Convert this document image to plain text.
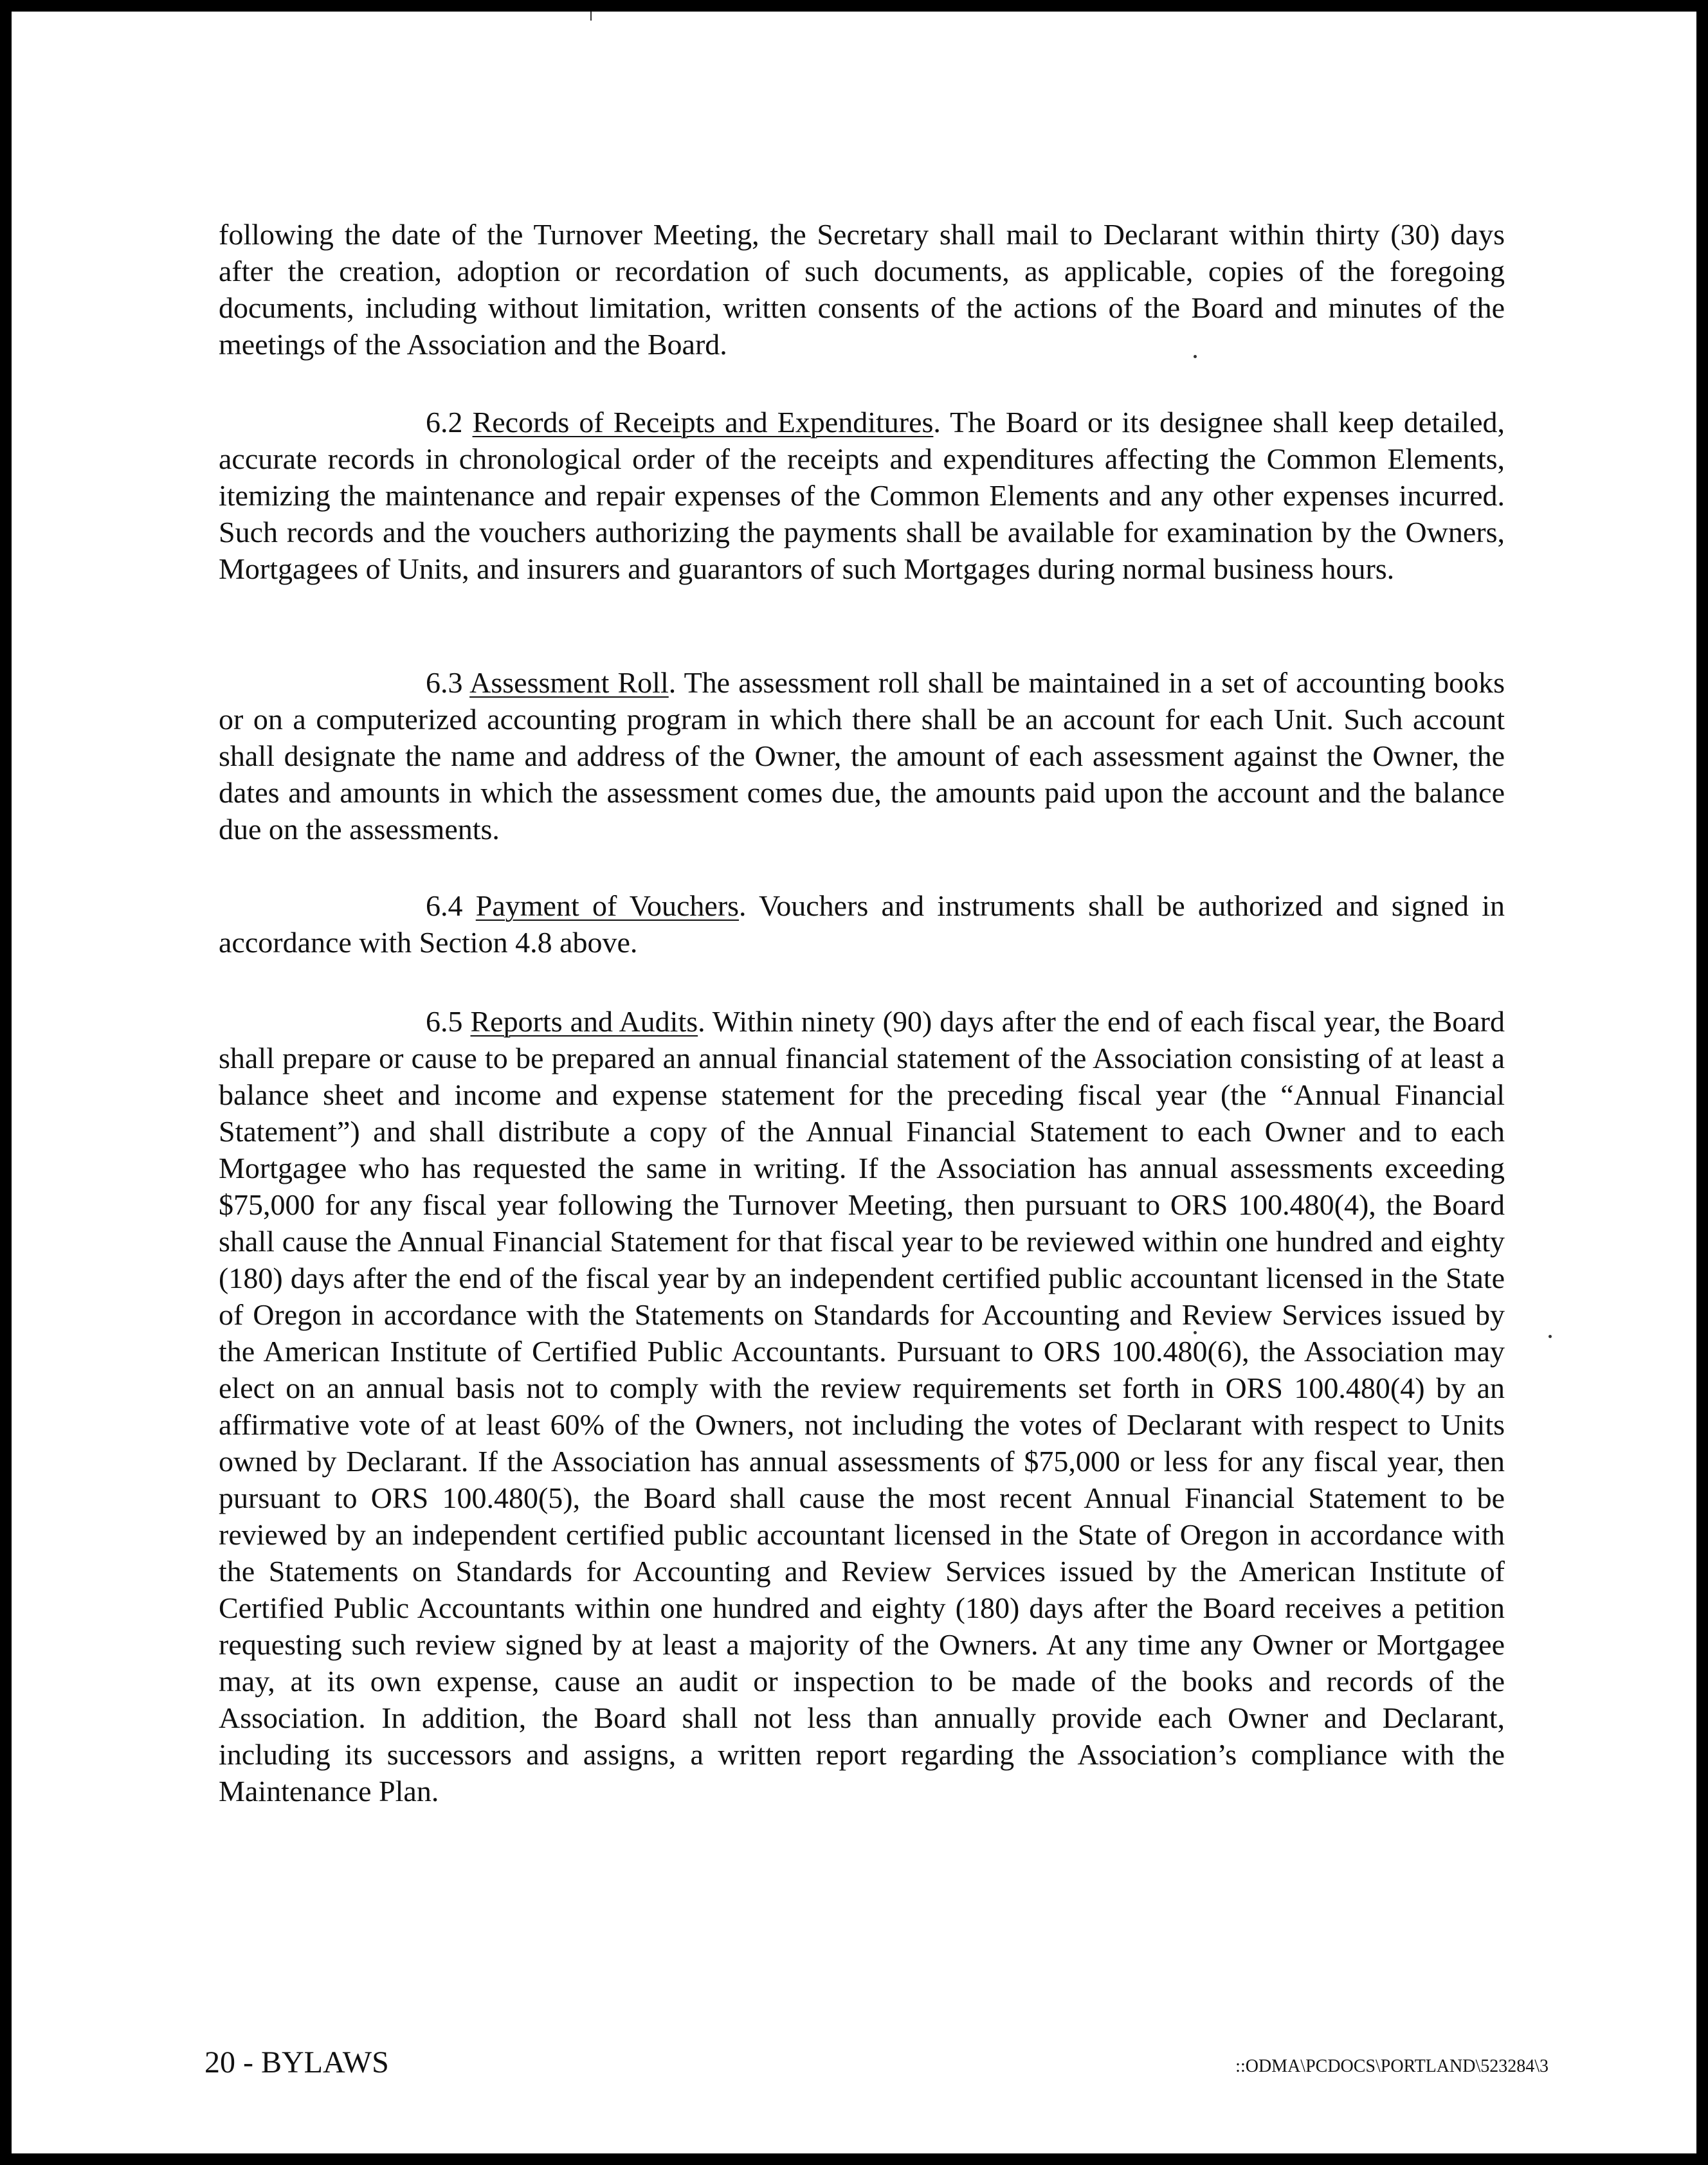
following the date of the Turnover Meeting, the Secretary shall mail to Declarant within thirty (30) days after the creation, adoption or recordation of such documents, as applicable, copies of the foregoing documents, including without limitation, written consents of the actions of the Board and minutes of the meetings of the Association and the Board.

6.2 Records of Receipts and Expenditures. The Board or its designee shall keep detailed, accurate records in chronological order of the receipts and expenditures affecting the Common Elements, itemizing the maintenance and repair expenses of the Common Elements and any other expenses incurred. Such records and the vouchers authorizing the payments shall be available for examination by the Owners, Mortgagees of Units, and insurers and guarantors of such Mortgages during normal business hours.

6.3 Assessment Roll. The assessment roll shall be maintained in a set of accounting books or on a computerized accounting program in which there shall be an account for each Unit. Such account shall designate the name and address of the Owner, the amount of each assessment against the Owner, the dates and amounts in which the assessment comes due, the amounts paid upon the account and the balance due on the assessments.

6.4 Payment of Vouchers. Vouchers and instruments shall be authorized and signed in accordance with Section 4.8 above.

6.5 Reports and Audits. Within ninety (90) days after the end of each fiscal year, the Board shall prepare or cause to be prepared an annual financial statement of the Association consisting of at least a balance sheet and income and expense statement for the preceding fiscal year (the “Annual Financial Statement”) and shall distribute a copy of the Annual Financial Statement to each Owner and to each Mortgagee who has requested the same in writing. If the Association has annual assessments exceeding $75,000 for any fiscal year following the Turnover Meeting, then pursuant to ORS 100.480(4), the Board shall cause the Annual Financial Statement for that fiscal year to be reviewed within one hundred and eighty (180) days after the end of the fiscal year by an independent certified public accountant licensed in the State of Oregon in accordance with the Statements on Standards for Accounting and Review Services issued by the American Institute of Certified Public Accountants. Pursuant to ORS 100.480(6), the Association may elect on an annual basis not to comply with the review requirements set forth in ORS 100.480(4) by an affirmative vote of at least 60% of the Owners, not including the votes of Declarant with respect to Units owned by Declarant. If the Association has annual assessments of $75,000 or less for any fiscal year, then pursuant to ORS 100.480(5), the Board shall cause the most recent Annual Financial Statement to be reviewed by an independent certified public accountant licensed in the State of Oregon in accordance with the Statements on Standards for Accounting and Review Services issued by the American Institute of Certified Public Accountants within one hundred and eighty (180) days after the Board receives a petition requesting such review signed by at least a majority of the Owners. At any time any Owner or Mortgagee may, at its own expense, cause an audit or inspection to be made of the books and records of the Association. In addition, the Board shall not less than annually provide each Owner and Declarant, including its successors and assigns, a written report regarding the Association’s compliance with the Maintenance Plan.

20 - BYLAWS	::ODMA\PCDOCS\PORTLAND\523284\3
